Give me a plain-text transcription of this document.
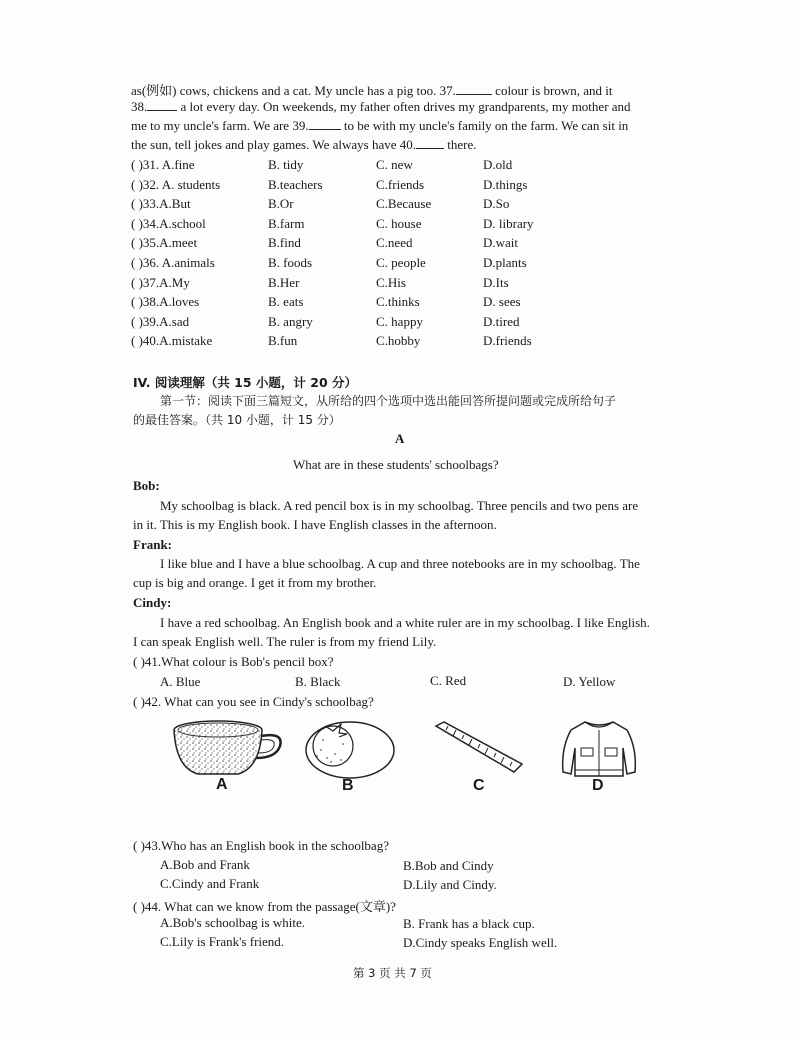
as(例如) cows, chickens and a cat. My uncle has a pig too. 37.	colour is brown, and it
38. a lot every day. On weekends, my father often drives my grandparents, my mother and
me to my uncle's farm. We are 39. to be with my uncle's family on the farm. We can sit in
the sun, tell jokes and play games. We always have 40. there.
( )31. A.fine	B. tidy	C. new	D.old
( )32. A. students	B.teachers	C.friends	D.things
( )33.A.But	B.Or	C.Because	D.So
( )34.A.school	B.farm	C. house	D. library
( )35.A.meet	B.find	C.need	D.wait
( )36. A.animals	B. foods	C. people	D.plants
( )37.A.My	B.Her	C.His	D.Its
( )38.A.loves	B. eats	C.thinks	D. sees
( )39.A.sad	B. angry	C. happy	D.tired
( )40.A.mistake	B.fun	C.hobby	D.friends
IV. 阅读理解（共 15 小题，计 20 分）
第一节：阅读下面三篇短文，从所给的四个选项中选出能回答所提问题或完成所给句子
的最佳答案。（共 10 小题，计 15 分）
A
What are in these students' schoolbags?
Bob:
My schoolbag is black. A red pencil box is in my schoolbag. Three pencils and two pens are
in it. This is my English book. I have English classes in the afternoon.
Frank:
I like blue and I have a blue schoolbag. A cup and three notebooks are in my schoolbag. The
cup is big and orange. I get it from my brother.
Cindy:
I have a red schoolbag. An English book and a white ruler are in my schoolbag. I like English.
I can speak English well. The ruler is from my friend Lily.
( )41.What colour is Bob's pencil box?
A. Blue	B. Black	C. Red	D. Yellow
( )42. What can you see in Cindy's schoolbag?
A	B	C	D
( )43.Who has an English book in the schoolbag?
A.Bob and Frank	B.Bob and Cindy
C.Cindy and Frank	D.Lily and Cindy.
( )44. What can we know from the passage(文章)?
A.Bob's schoolbag is white.	B. Frank has a black cup.
C.Lily is Frank's friend.	D.Cindy speaks English well.
第 3 页 共 7 页
